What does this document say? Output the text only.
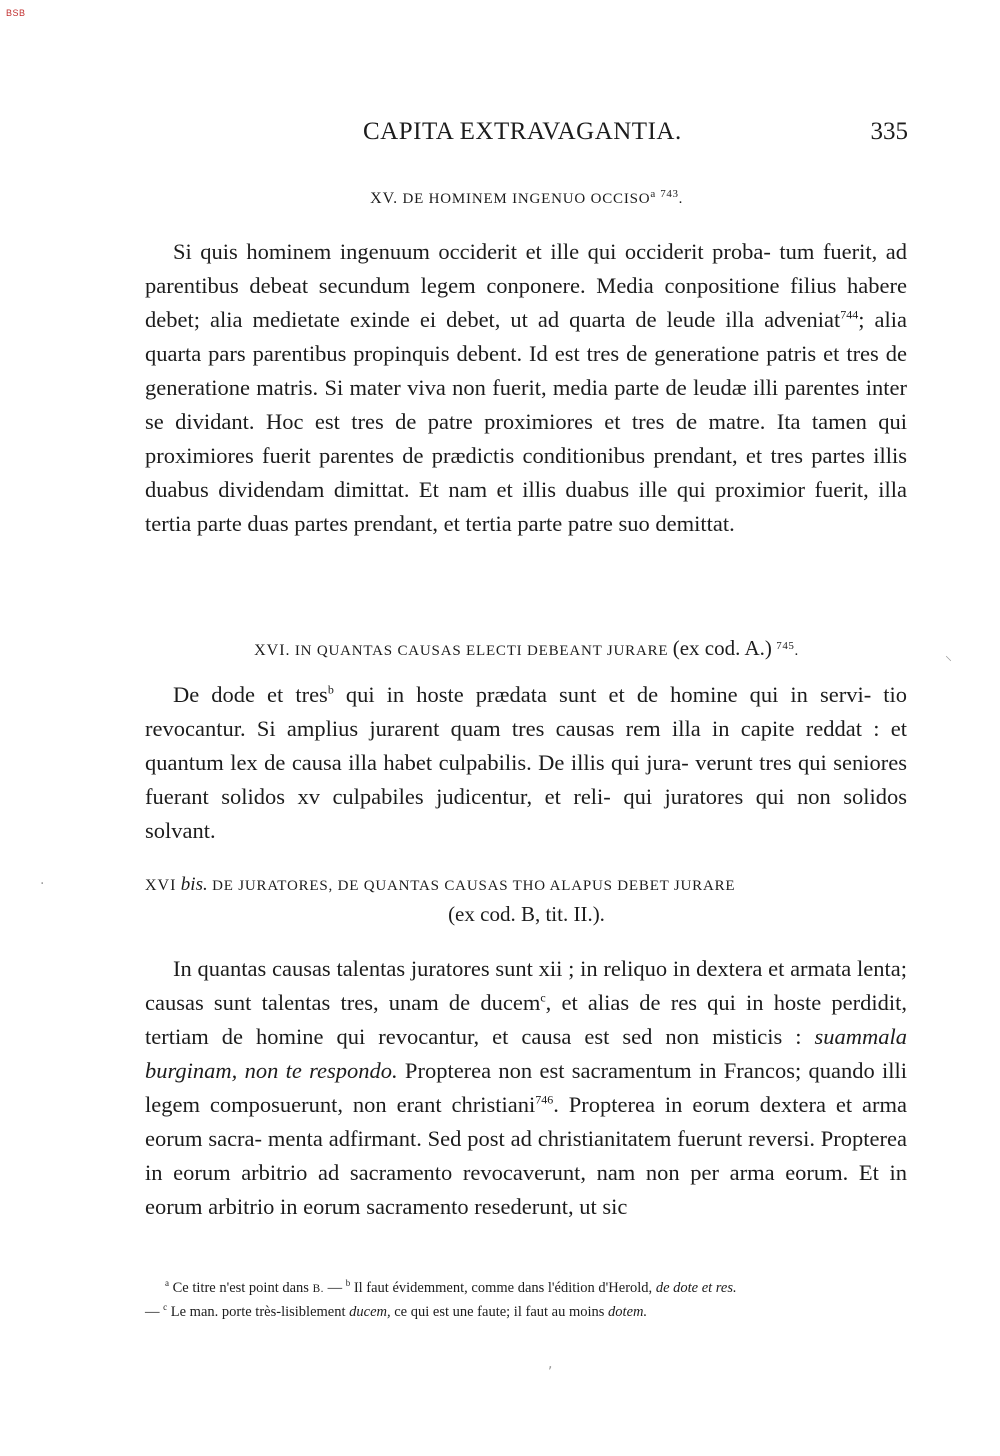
BSB
CAPITA EXTRAVAGANTIA.	335
XV. DE HOMINEM INGENUO OCCISO$^a$ $^{743}$.

Si quis hominem ingenuum occiderit et ille qui occiderit proba- tum fuerit, ad parentibus debeat secundum legem conponere. Media conpositione filius habere debet; alia medietate exinde ei debet, ut ad quarta de leude illa adveniat$^{744}$; alia quarta pars parentibus propinquis debent. Id est tres de generatione patris et tres de generatione matris. Si mater viva non fuerit, media parte de leudæ illi parentes inter se dividant. Hoc est tres de patre proximiores et tres de matre. Ita tamen qui proximiores fuerit parentes de prædictis conditionibus prendant, et tres partes illis duabus dividendam dimittat. Et nam et illis duabus ille qui proximior fuerit, illa tertia parte duas partes prendant, et tertia parte patre suo demittat.

XVI. IN QUANTAS CAUSAS ELECTI DEBEANT JURARE (ex cod. A.) $^{745}$.

De dode et tres$^b$ qui in hoste prædata sunt et de homine qui in servi- tio revocantur. Si amplius jurarent quam tres causas rem illa in capite reddat : et quantum lex de causa illa habet culpabilis. De illis qui jura- verunt tres qui seniores fuerant solidos xv culpabiles judicentur, et reli- qui juratores qui non solidos solvant.

XVI bis. DE JURATORES, DE QUANTAS CAUSAS THO ALAPUS DEBET JURARE
(ex cod. B, tit. II.).

In quantas causas talentas juratores sunt xii ; in reliquo in dextera et armata lenta; causas sunt talentas tres, unam de ducem$^c$, et alias de res qui in hoste perdidit, tertiam de homine qui revocantur, et causa est sed non misticis : suammala burginam, non te respondo. Propterea non est sacramentum in Francos; quando illi legem composuerunt, non erant christiani$^{746}$. Propterea in eorum dextera et arma eorum sacra- menta adfirmant. Sed post ad christianitatem fuerunt reversi. Propterea in eorum arbitrio ad sacramento revocaverunt, nam non per arma eorum. Et in eorum arbitrio in eorum sacramento resederunt, ut sic

$^a$ Ce titre n'est point dans B. — $^b$ Il faut évidemment, comme dans l'édition d'Herold, de dote et res.

— $^c$ Le man. porte très-lisiblement ducem, ce qui est une faute; il faut au moins dotem.

⸜
·
,
